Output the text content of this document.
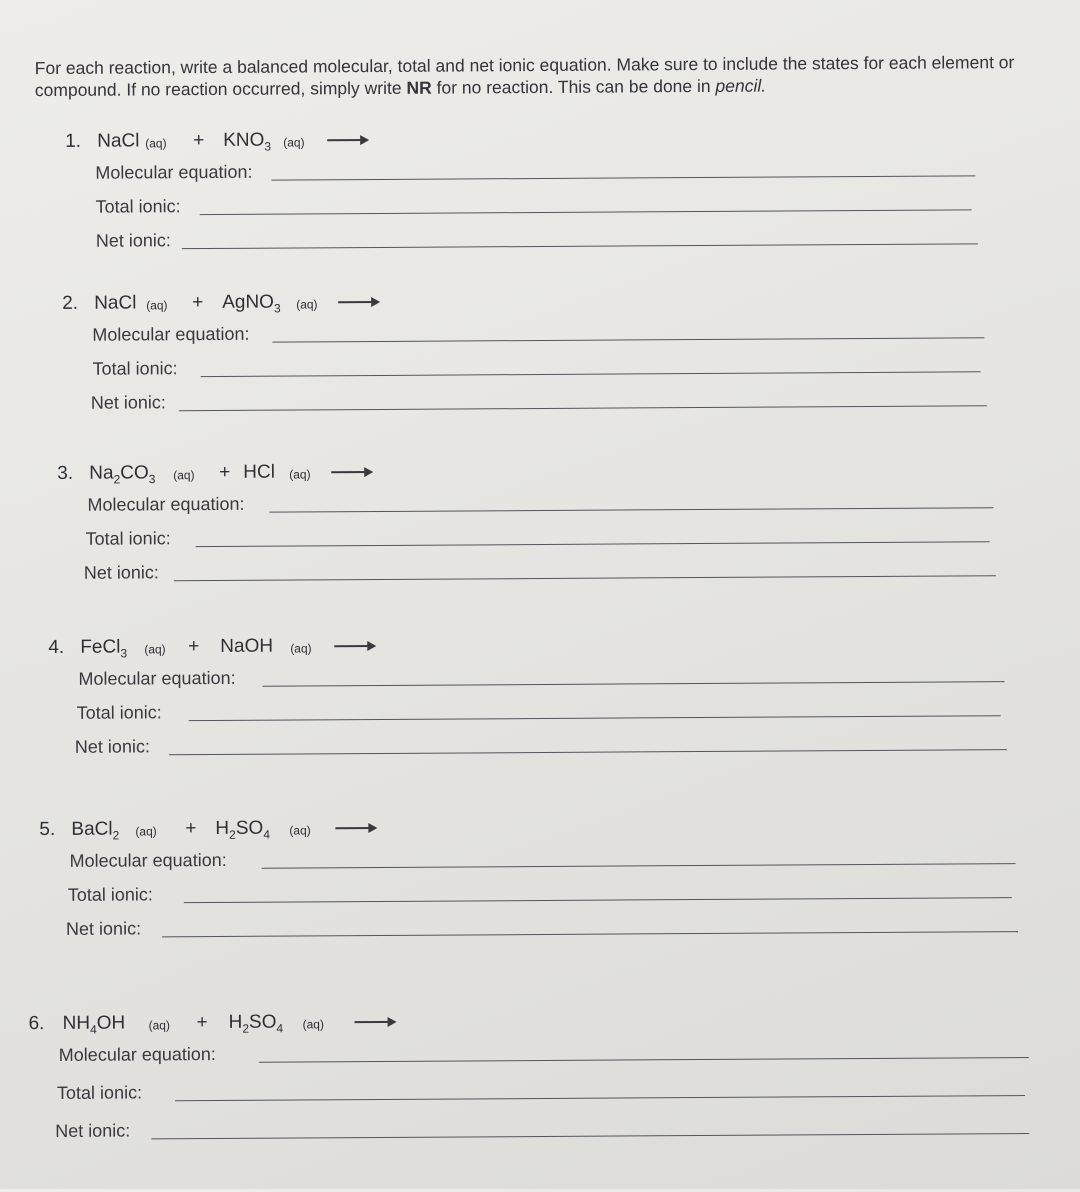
For each reaction, write a balanced molecular, total and net ionic equation. Make sure to include the states for each element or compound. If no reaction occurred, simply write NR for no reaction. This can be done in pencil.
1. NaCl $(aq) + KNO_3$ (aq)
Molecular equation:
Total ionic:
Net ionic:
2. NaCl (aq) + AgNO$_3$ (aq)
Molecular equation:
Total ionic:
Net ionic:
3. $Na_2CO_3$ (aq) + HCl (aq)
Molecular equation:
Total ionic:
Net ionic:
4. FeCl$_3$ (aq) + NaOH (aq)
Molecular equation:
Total ionic:
Net ionic:
5. BaCl$_2$ $(aq) + H_2SO_4$ (aq)
Molecular equation:
Total ionic:
Net ionic:
6. $NH_4OH$ $(aq) + H_2SO_4$ (aq)
Molecular equation:
Total ionic:
Net ionic:
